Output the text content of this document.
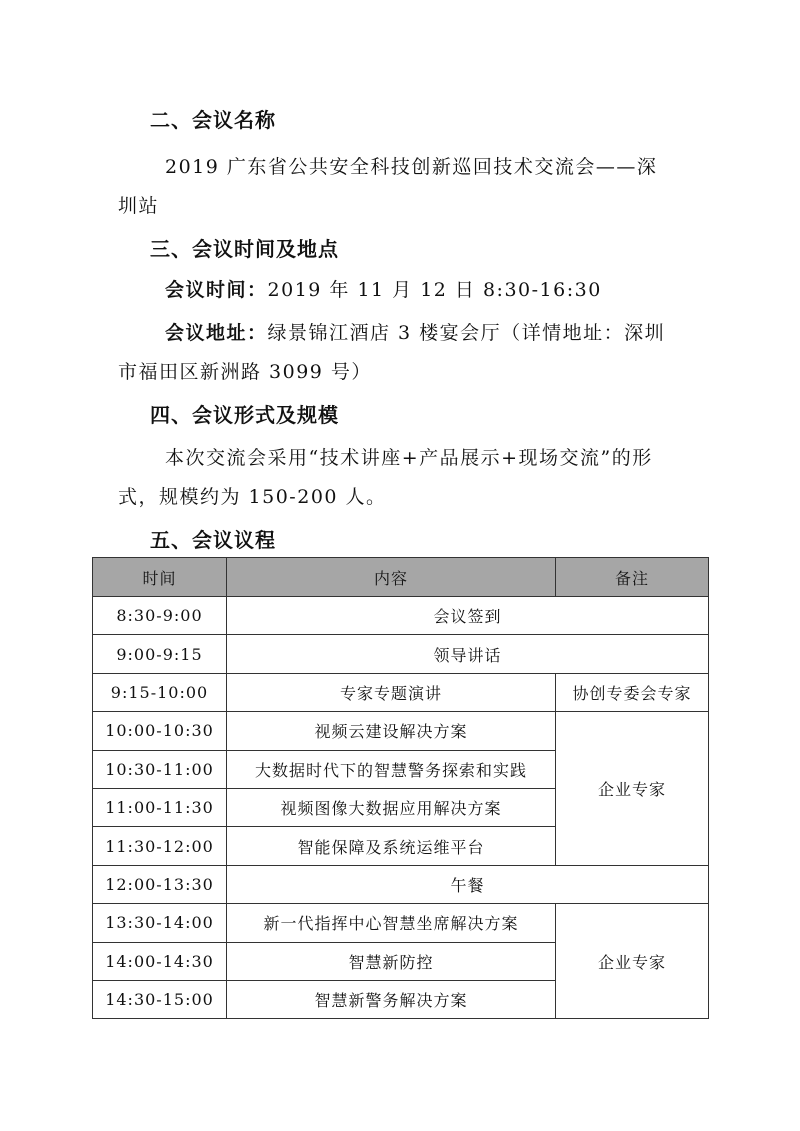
二、会议名称
2019 广东省公共安全科技创新巡回技术交流会——深
圳站
三、会议时间及地点
会议时间：2019 年 11 月 12 日 8:30-16:30
会议地址：绿景锦江酒店 3 楼宴会厅（详情地址：深圳
市福田区新洲路 3099 号）
四、会议形式及规模
本次交流会采用“技术讲座+产品展示+现场交流”的形
式，规模约为 150-200 人。
五、会议议程
时间	内容	备注
8:30-9:00	会议签到	
9:00-9:15	领导讲话	
9:15-10:00	专家专题演讲	协创专委会专家
10:00-10:30	视频云建设解决方案	企业专家
10:30-11:00	大数据时代下的智慧警务探索和实践	
11:00-11:30	视频图像大数据应用解决方案	
11:30-12:00	智能保障及系统运维平台	
12:00-13:30	午餐	
13:30-14:00	新一代指挥中心智慧坐席解决方案	企业专家
14:00-14:30	智慧新防控	
14:30-15:00	智慧新警务解决方案	
